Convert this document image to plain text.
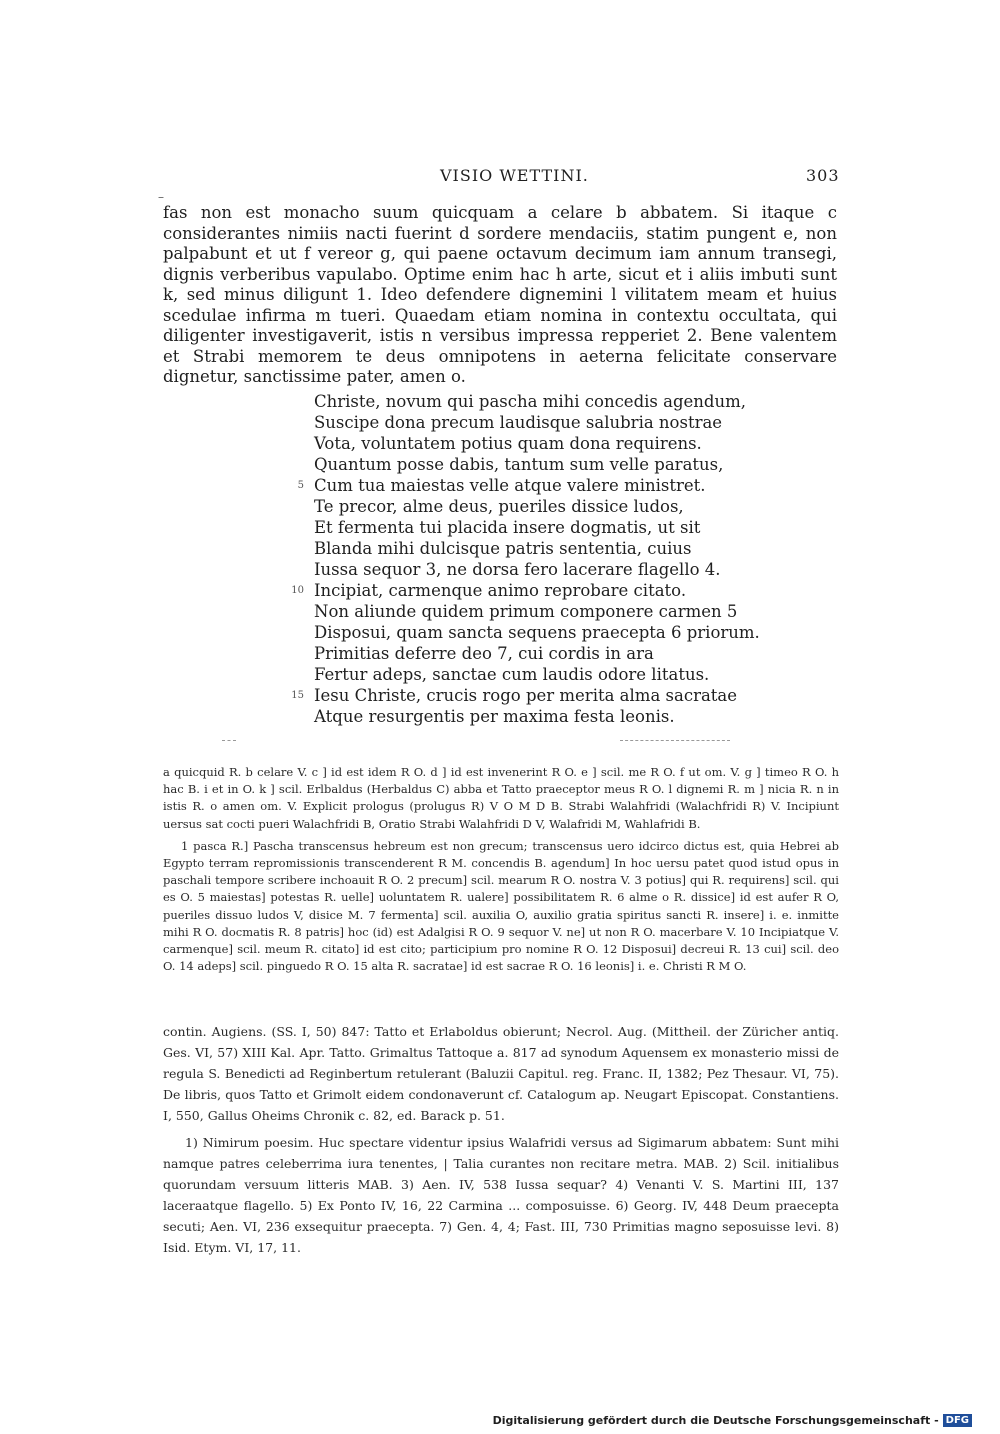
VISIO WETTINI.	303
–

fas non est monacho suum quicquam a celare b abbatem. Si itaque c considerantes nimiis nacti fuerint d sordere mendaciis, statim pungent e, non palpabunt et ut f vereor g, qui paene octavum decimum iam annum transegi, dignis verberibus vapulabo. Optime enim hac h arte, sicut et i aliis imbuti sunt k, sed minus diligunt 1. Ideo defendere dignemini l vilitatem meam et huius scedulae infirma m tueri. Quaedam etiam nomina in contextu occultata, qui diligenter investigaverit, istis n versibus impressa repperiet 2. Bene valentem et Strabi memorem te deus omnipotens in aeterna felicitate conservare dignetur, sanctissime pater, amen o.

Christe, novum qui pascha mihi concedis agendum,
Suscipe dona precum laudisque salubria nostrae
Vota, voluntatem potius quam dona requirens.
Quantum posse dabis, tantum sum velle paratus,
5 Cum tua maiestas velle atque valere ministret.
Te precor, alme deus, pueriles dissice ludos,
Et fermenta tui placida insere dogmatis, ut sit
Blanda mihi dulcisque patris sententia, cuius
Iussa sequor 3, ne dorsa fero lacerare flagello 4.
10 Incipiat, carmenque animo reprobare citato.
Non aliunde quidem primum componere carmen 5
Disposui, quam sancta sequens praecepta 6 priorum.
Primitias deferre deo 7, cui cordis in ara
Fertur adeps, sanctae cum laudis odore litatus.
15 Iesu Christe, crucis rogo per merita alma sacratae
Atque resurgentis per maxima festa leonis.

a quicquid R. b celare V. c ] id est idem R O. d ] id est invenerint R O. e ] scil. me R O. f ut om. V. g ] timeo R O. h hac B. i et in O. k ] scil. Erlbaldus (Herbaldus C) abba et Tatto praeceptor meus R O. l dignemi R. m ] nicia R. n in istis R. o amen om. V. Explicit prologus (prolugus R) V O M D B. Strabi Walahfridi (Walachfridi R) V. Incipiunt uersus sat cocti pueri Walachfridi B, Oratio Strabi Walahfridi D V, Walafridi M, Wahlafridi B.

1 pasca R.] Pascha transcensus hebreum est non grecum; transcensus uero idcirco dictus est, quia Hebrei ab Egypto terram repromissionis transcenderent R M. concendis B. agendum] In hoc uersu patet quod istud opus in paschali tempore scribere inchoauit R O. 2 precum] scil. mearum R O. nostra V. 3 potius] qui R. requirens] scil. qui es O. 5 maiestas] potestas R. uelle] uoluntatem R. ualere] possibilitatem R. 6 alme o R. dissice] id est aufer R O, pueriles dissuo ludos V, disice M. 7 fermenta] scil. auxilia O, auxilio gratia spiritus sancti R. insere] i. e. inmitte mihi R O. docmatis R. 8 patris] hoc (id) est Adalgisi R O. 9 sequor V. ne] ut non R O. macerbare V. 10 Incipiatque V. carmenque] scil. meum R. citato] id est cito; participium pro nomine R O. 12 Disposui] decreui R. 13 cui] scil. deo O. 14 adeps] scil. pinguedo R O. 15 alta R. sacratae] id est sacrae R O. 16 leonis] i. e. Christi R M O.

contin. Augiens. (SS. I, 50) 847: Tatto et Erlaboldus obierunt; Necrol. Aug. (Mittheil. der Züricher antiq. Ges. VI, 57) XIII Kal. Apr. Tatto. Grimaltus Tattoque a. 817 ad synodum Aquensem ex monasterio missi de regula S. Benedicti ad Reginbertum retulerant (Baluzii Capitul. reg. Franc. II, 1382; Pez Thesaur. VI, 75). De libris, quos Tatto et Grimolt eidem condonaverunt cf. Catalogum ap. Neugart Episcopat. Constantiens. I, 550, Gallus Oheims Chronik c. 82, ed. Barack p. 51.

1) Nimirum poesim. Huc spectare videntur ipsius Walafridi versus ad Sigimarum abbatem: Sunt mihi namque patres celeberrima iura tenentes, | Talia curantes non recitare metra. MAB. 2) Scil. initialibus quorundam versuum litteris MAB. 3) Aen. IV, 538 Iussa sequar? 4) Venanti V. S. Martini III, 137 laceraatque flagello. 5) Ex Ponto IV, 16, 22 Carmina ... composuisse. 6) Georg. IV, 448 Deum praecepta secuti; Aen. VI, 236 exsequitur praecepta. 7) Gen. 4, 4; Fast. III, 730 Primitias magno seposuisse levi. 8) Isid. Etym. VI, 17, 11.

Digitalisierung gefördert durch die Deutsche Forschungsgemeinschaft - DFG
